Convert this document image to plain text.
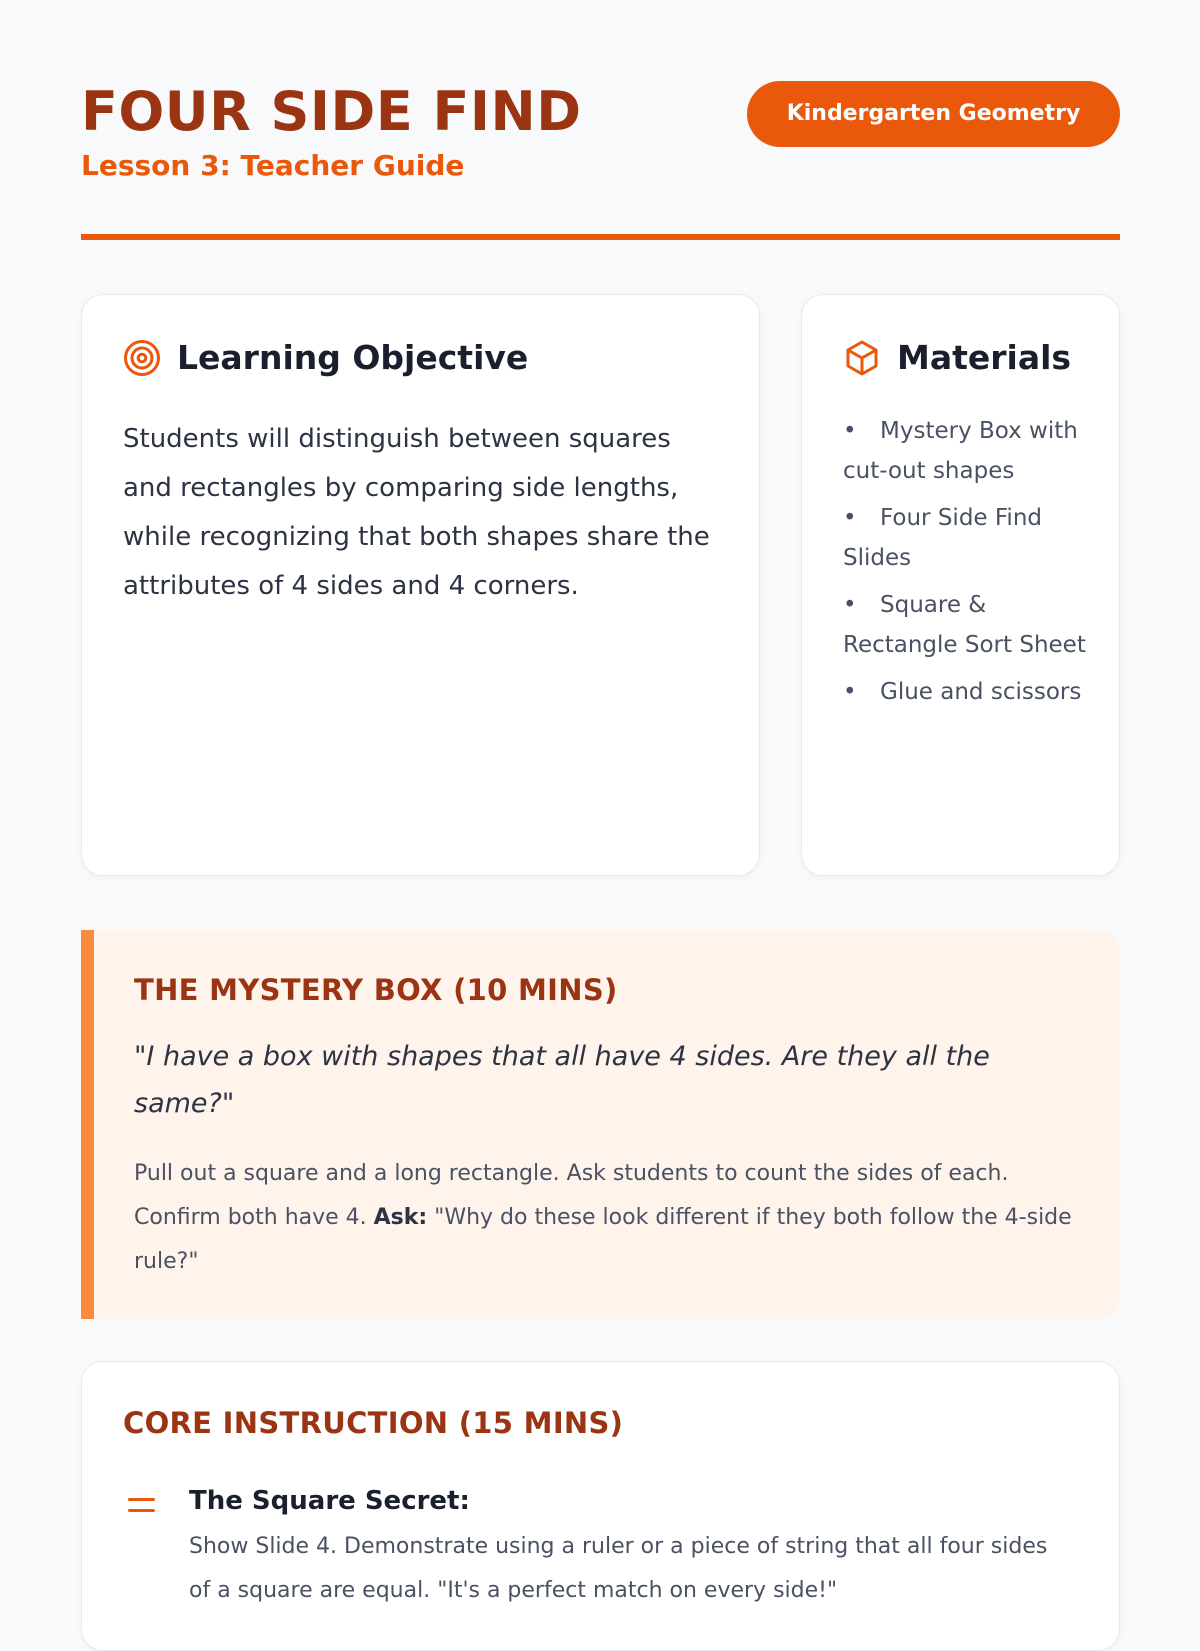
FOUR SIDE FIND
Lesson 3: Teacher Guide
Kindergarten Geometry
Learning Objective

Students will distinguish between squares and rectangles by comparing side lengths, while recognizing that both shapes share the attributes of 4 sides and 4 corners.

Materials
• Mystery Box with cut-out shapes
• Four Side Find Slides
• Square & Rectangle Sort Sheet
• Glue and scissors
THE MYSTERY BOX (10 MINS)

"I have a box with shapes that all have 4 sides. Are they all the same?"

Pull out a square and a long rectangle. Ask students to count the sides of each. Confirm both have 4. Ask: "Why do these look different if they both follow the 4-side rule?"

CORE INSTRUCTION (15 MINS)
The Square Secret:

Show Slide 4. Demonstrate using a ruler or a piece of string that all four sides of a square are equal. "It's a perfect match on every side!"
